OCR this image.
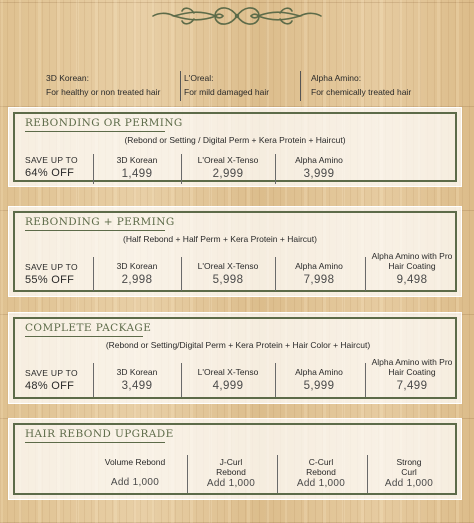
3D Korean:
For healthy or non treated hair
L'Oreal:
For mild damaged hair
Alpha Amino:
For chemically treated hair
REBONDING OR PERMING
(Rebond or Setting / Digital Perm + Kera Protein + Haircut)
SAVE UP TO
64% OFF
3D Korean
1,499
L'Oreal X-Tenso
2,999
Alpha Amino
3,999
REBONDING + PERMING
(Half Rebond + Half Perm + Kera Protein + Haircut)
SAVE UP TO
55% OFF
3D Korean
2,998
L'Oreal X-Tenso
5,998
Alpha Amino
7,998
Alpha Amino with Pro Hair Coating
9,498
COMPLETE PACKAGE
(Rebond or Setting/Digital Perm + Kera Protein + Hair Color + Haircut)
SAVE UP TO
48% OFF
3D Korean
3,499
L'Oreal X-Tenso
4,999
Alpha Amino
5,999
Alpha Amino with Pro Hair Coating
7,499
HAIR REBOND UPGRADE
Volume Rebond
Add 1,000
J-Curl Rebond
Add 1,000
C-Curl Rebond
Add 1,000
Strong Curl
Add 1,000
